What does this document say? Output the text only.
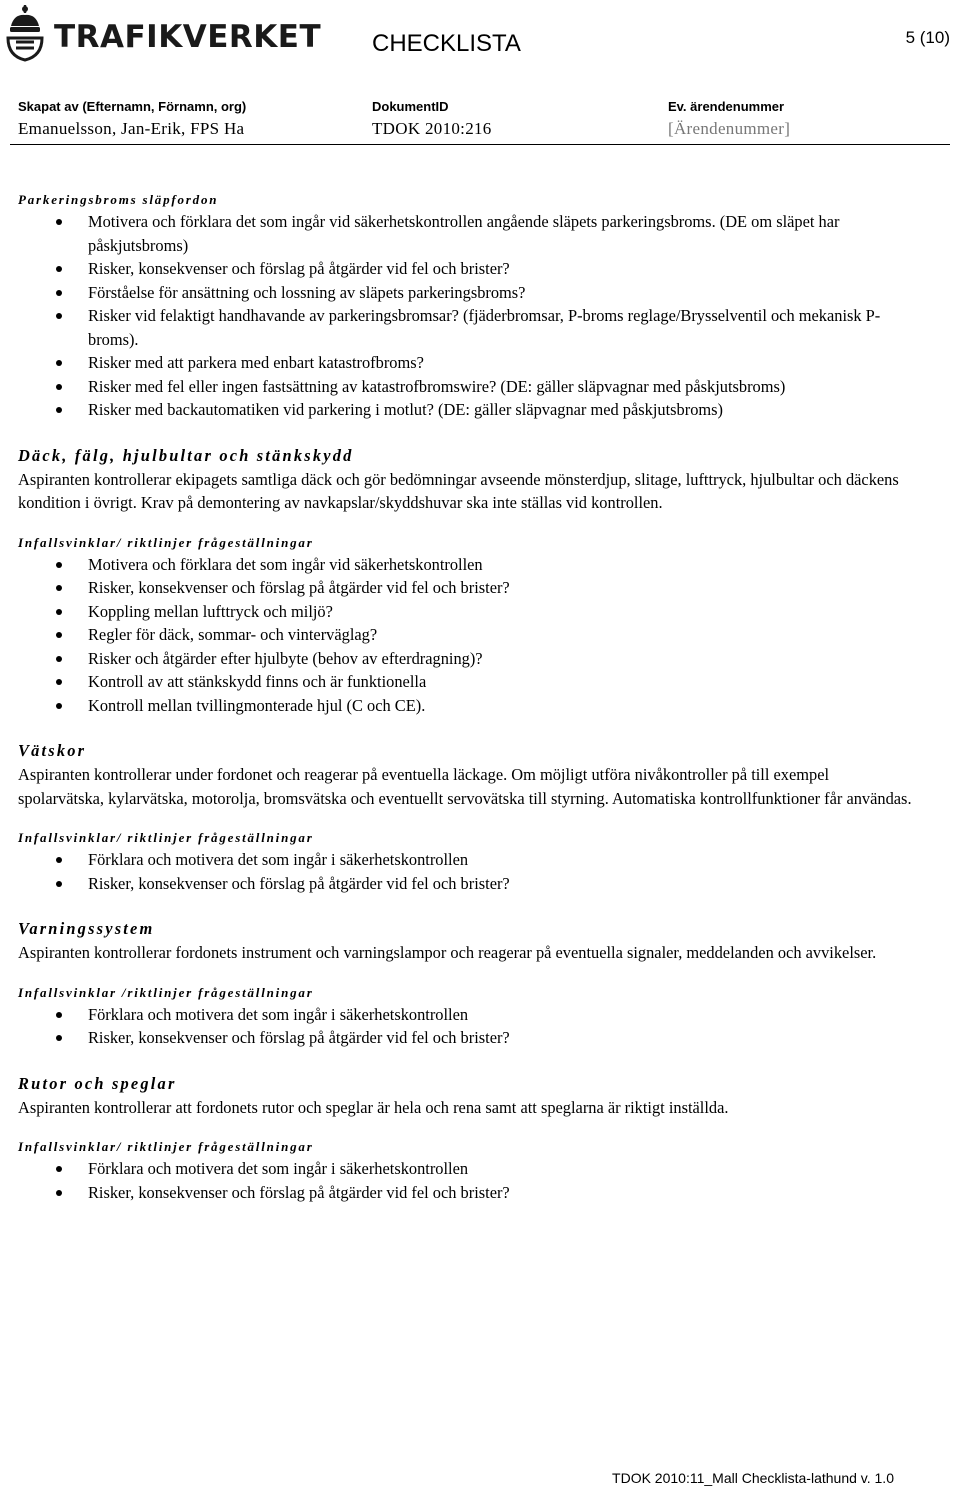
TRAFIKVERKET CHECKLISTA	5 (10)
Skapat av (Efternamn, Förnamn, org)
Emanuelsson, Jan-Erik, FPS Ha
DokumentID
TDOK 2010:216
Ev. ärendenummer
[Ärendenummer]

Parkeringsbroms släpfordon

Motivera och förklara det som ingår vid säkerhetskontrollen angående släpets parkeringsbroms. (DE om släpet har påskjutsbroms)
Risker, konsekvenser och förslag på åtgärder vid fel och brister?
Förståelse för ansättning och lossning av släpets parkeringsbroms?
Risker vid felaktigt handhavande av parkeringsbromsar? (fjäderbromsar, P-broms reglage/Brysselventil och mekanisk P-broms).
Risker med att parkera med enbart katastrofbroms?
Risker med fel eller ingen fastsättning av katastrofbromswire? (DE: gäller släpvagnar med påskjutsbroms)
Risker med backautomatiken vid parkering i motlut? (DE: gäller släpvagnar med påskjutsbroms)

Däck, fälg, hjulbultar och stänkskydd

Aspiranten kontrollerar ekipagets samtliga däck och gör bedömningar avseende mönsterdjup, slitage, lufttryck, hjulbultar och däckens kondition i övrigt. Krav på demontering av navkapslar/skyddshuvar ska inte ställas vid kontrollen.

Infallsvinklar/ riktlinjer frågeställningar

Motivera och förklara det som ingår vid säkerhetskontrollen
Risker, konsekvenser och förslag på åtgärder vid fel och brister?
Koppling mellan lufttryck och miljö?
Regler för däck, sommar- och vinterväglag?
Risker och åtgärder efter hjulbyte (behov av efterdragning)?
Kontroll av att stänkskydd finns och är funktionella
Kontroll mellan tvillingmonterade hjul (C och CE).

Vätskor

Aspiranten kontrollerar under fordonet och reagerar på eventuella läckage. Om möjligt utföra nivåkontroller på till exempel spolarvätska, kylarvätska, motorolja, bromsvätska och eventuellt servovätska till styrning. Automatiska kontrollfunktioner får användas.

Infallsvinklar/ riktlinjer frågeställningar

Förklara och motivera det som ingår i säkerhetskontrollen
Risker, konsekvenser och förslag på åtgärder vid fel och brister?

Varningssystem

Aspiranten kontrollerar fordonets instrument och varningslampor och reagerar på eventuella signaler, meddelanden och avvikelser.

Infallsvinklar /riktlinjer frågeställningar

Förklara och motivera det som ingår i säkerhetskontrollen
Risker, konsekvenser och förslag på åtgärder vid fel och brister?

Rutor och speglar

Aspiranten kontrollerar att fordonets rutor och speglar är hela och rena samt att speglarna är riktigt inställda.

Infallsvinklar/ riktlinjer frågeställningar

Förklara och motivera det som ingår i säkerhetskontrollen
Risker, konsekvenser och förslag på åtgärder vid fel och brister?
TDOK 2010:11_Mall Checklista-lathund v. 1.0
